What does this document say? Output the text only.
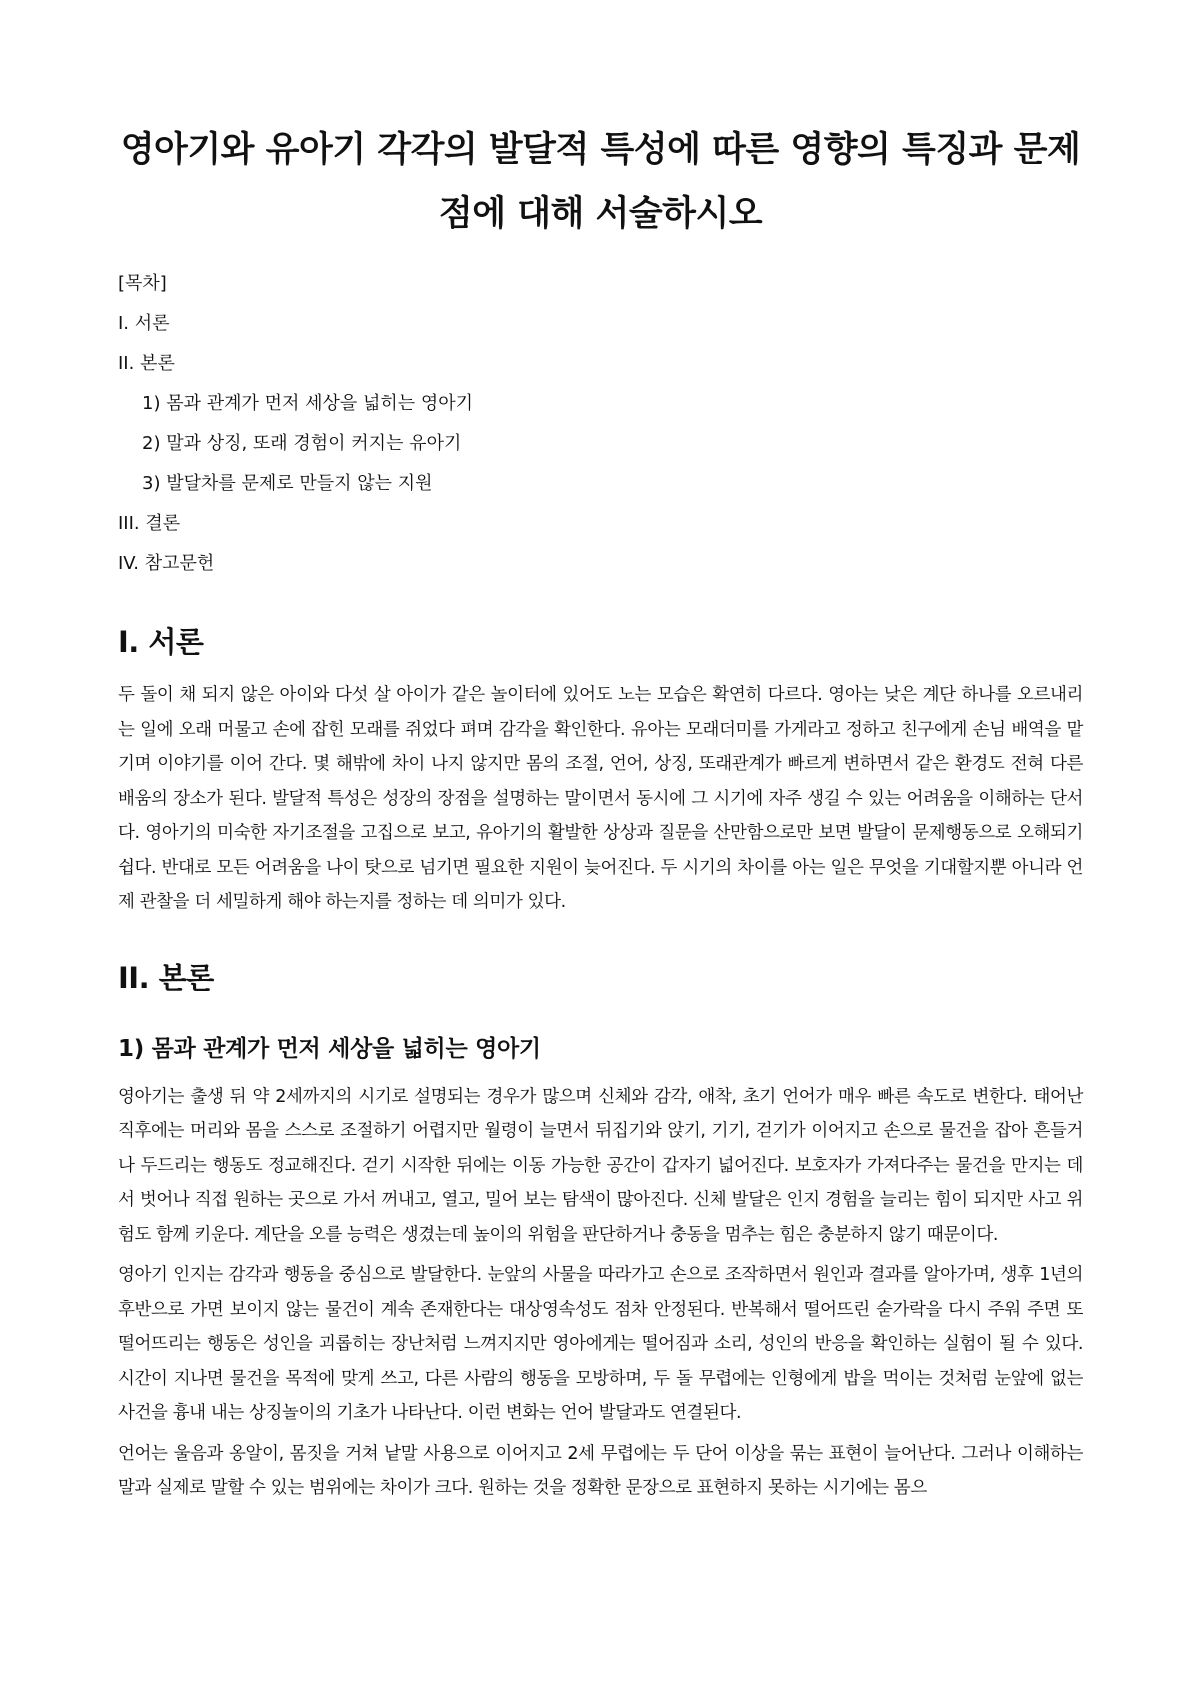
영아기와 유아기 각각의 발달적 특성에 따른 영향의 특징과 문제점에 대해 서술하시오
[목차]
I. 서론
II. 본론
1) 몸과 관계가 먼저 세상을 넓히는 영아기
2) 말과 상징, 또래 경험이 커지는 유아기
3) 발달차를 문제로 만들지 않는 지원
III. 결론
IV. 참고문헌
I. 서론

두 돌이 채 되지 않은 아이와 다섯 살 아이가 같은 놀이터에 있어도 노는 모습은 확연히 다르다. 영아는 낮은 계단 하나를 오르내리는 일에 오래 머물고 손에 잡힌 모래를 쥐었다 펴며 감각을 확인한다. 유아는 모래더미를 가게라고 정하고 친구에게 손님 배역을 맡기며 이야기를 이어 간다. 몇 해밖에 차이 나지 않지만 몸의 조절, 언어, 상징, 또래관계가 빠르게 변하면서 같은 환경도 전혀 다른 배움의 장소가 된다. 발달적 특성은 성장의 장점을 설명하는 말이면서 동시에 그 시기에 자주 생길 수 있는 어려움을 이해하는 단서다. 영아기의 미숙한 자기조절을 고집으로 보고, 유아기의 활발한 상상과 질문을 산만함으로만 보면 발달이 문제행동으로 오해되기 쉽다. 반대로 모든 어려움을 나이 탓으로 넘기면 필요한 지원이 늦어진다. 두 시기의 차이를 아는 일은 무엇을 기대할지뿐 아니라 언제 관찰을 더 세밀하게 해야 하는지를 정하는 데 의미가 있다.

II. 본론
1) 몸과 관계가 먼저 세상을 넓히는 영아기

영아기는 출생 뒤 약 2세까지의 시기로 설명되는 경우가 많으며 신체와 감각, 애착, 초기 언어가 매우 빠른 속도로 변한다. 태어난 직후에는 머리와 몸을 스스로 조절하기 어렵지만 월령이 늘면서 뒤집기와 앉기, 기기, 걷기가 이어지고 손으로 물건을 잡아 흔들거나 두드리는 행동도 정교해진다. 걷기 시작한 뒤에는 이동 가능한 공간이 갑자기 넓어진다. 보호자가 가져다주는 물건을 만지는 데서 벗어나 직접 원하는 곳으로 가서 꺼내고, 열고, 밀어 보는 탐색이 많아진다. 신체 발달은 인지 경험을 늘리는 힘이 되지만 사고 위험도 함께 키운다. 계단을 오를 능력은 생겼는데 높이의 위험을 판단하거나 충동을 멈추는 힘은 충분하지 않기 때문이다.

영아기 인지는 감각과 행동을 중심으로 발달한다. 눈앞의 사물을 따라가고 손으로 조작하면서 원인과 결과를 알아가며, 생후 1년의 후반으로 가면 보이지 않는 물건이 계속 존재한다는 대상영속성도 점차 안정된다. 반복해서 떨어뜨린 숟가락을 다시 주워 주면 또 떨어뜨리는 행동은 성인을 괴롭히는 장난처럼 느껴지지만 영아에게는 떨어짐과 소리, 성인의 반응을 확인하는 실험이 될 수 있다. 시간이 지나면 물건을 목적에 맞게 쓰고, 다른 사람의 행동을 모방하며, 두 돌 무렵에는 인형에게 밥을 먹이는 것처럼 눈앞에 없는 사건을 흉내 내는 상징놀이의 기초가 나타난다. 이런 변화는 언어 발달과도 연결된다.

언어는 울음과 옹알이, 몸짓을 거쳐 낱말 사용으로 이어지고 2세 무렵에는 두 단어 이상을 묶는 표현이 늘어난다. 그러나 이해하는 말과 실제로 말할 수 있는 범위에는 차이가 크다. 원하는 것을 정확한 문장으로 표현하지 못하는 시기에는 몸으
